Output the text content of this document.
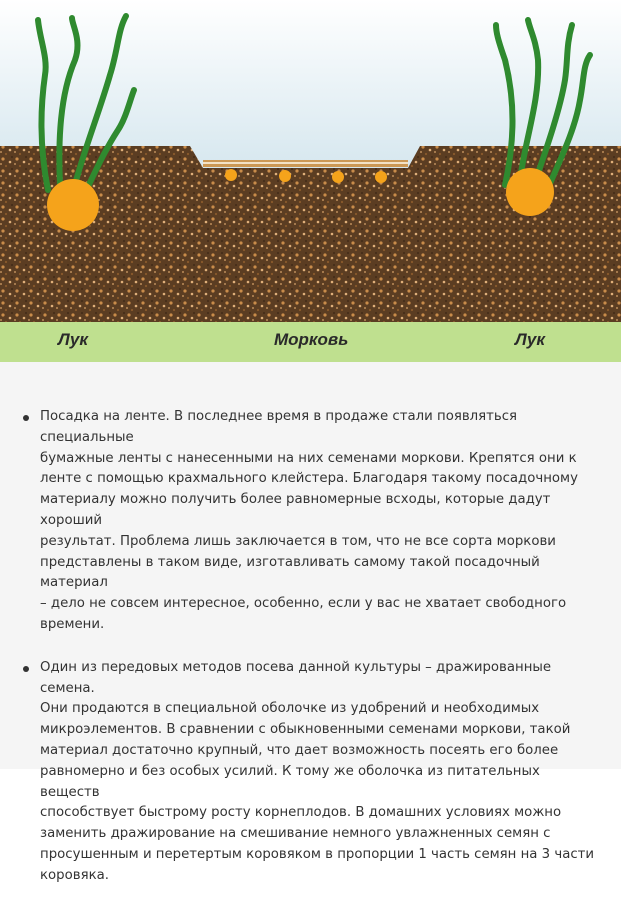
Лук	Морковь	Лук
Посадка на ленте. В последнее время в продаже стали появляться специальные
бумажные ленты с нанесенными на них семенами моркови. Крепятся они к
ленте с помощью крахмального клейстера. Благодаря такому посадочному
материалу можно получить более равномерные всходы, которые дадут хороший
результат. Проблема лишь заключается в том, что не все сорта моркови
представлены в таком виде, изготавливать самому такой посадочный материал
– дело не совсем интересное, особенно, если у вас не хватает свободного
времени.
Один из передовых методов посева данной культуры – дражированные семена.
Они продаются в специальной оболочке из удобрений и необходимых
микроэлементов. В сравнении с обыкновенными семенами моркови, такой
материал достаточно крупный, что дает возможность посеять его более
равномерно и без особых усилий. К тому же оболочка из питательных веществ
способствует быстрому росту корнеплодов. В домашних условиях можно
заменить дражирование на смешивание немного увлажненных семян с
просушенным и перетертым коровяком в пропорции 1 часть семян на 3 части
коровяка.
